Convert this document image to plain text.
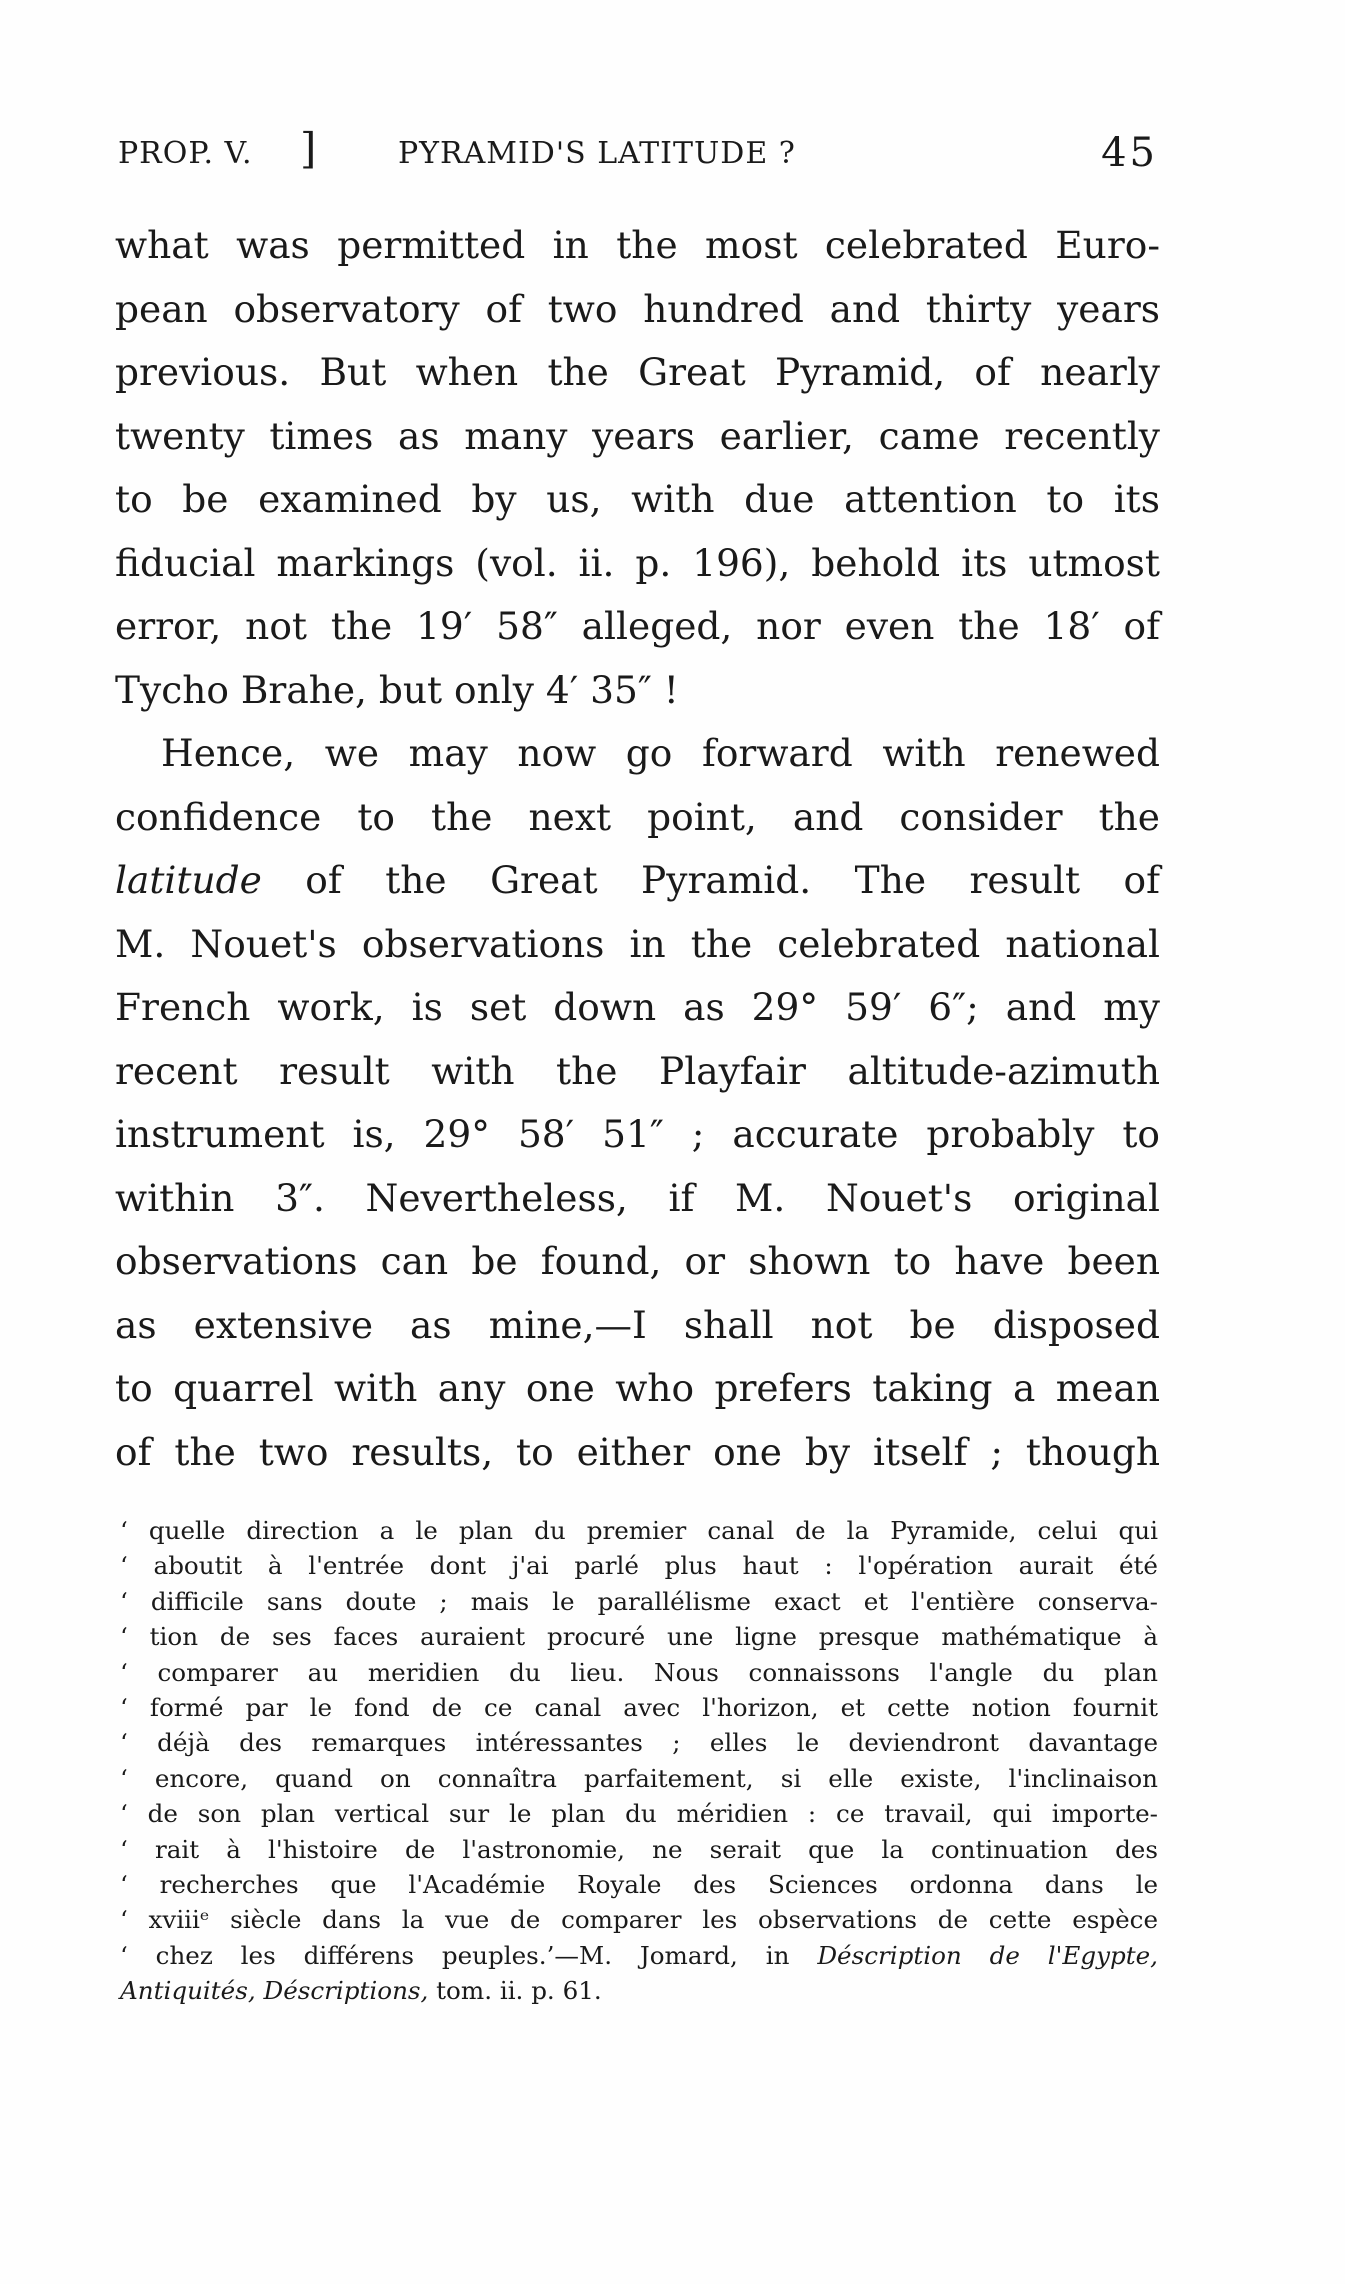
PROP. V. ]	PYRAMID'S LATITUDE ?	45
what was permitted in the most celebrated Euro-
pean observatory of two hundred and thirty years
previous. But when the Great Pyramid, of nearly
twenty times as many years earlier, came recently
to be examined by us, with due attention to its
fiducial markings (vol. ii. p. 196), behold its utmost
error, not the 19′ 58″ alleged, nor even the 18′ of
Tycho Brahe, but only 4′ 35″ !
Hence, we may now go forward with renewed
confidence to the next point, and consider the
latitude of the Great Pyramid. The result of
M. Nouet's observations in the celebrated national
French work, is set down as 29° 59′ 6″; and my
recent result with the Playfair altitude-azimuth
instrument is, 29° 58′ 51″ ; accurate probably to
within 3″. Nevertheless, if M. Nouet's original
observations can be found, or shown to have been
as extensive as mine,—I shall not be disposed
to quarrel with any one who prefers taking a mean
of the two results, to either one by itself ; though
‘ quelle direction a le plan du premier canal de la Pyramide, celui qui
‘ aboutit à l'entrée dont j'ai parlé plus haut : l'opération aurait été
‘ difficile sans doute ; mais le parallélisme exact et l'entière conserva-
‘ tion de ses faces auraient procuré une ligne presque mathématique à
‘ comparer au meridien du lieu. Nous connaissons l'angle du plan
‘ formé par le fond de ce canal avec l'horizon, et cette notion fournit
‘ déjà des remarques intéressantes ; elles le deviendront davantage
‘ encore, quand on connaîtra parfaitement, si elle existe, l'inclinaison
‘ de son plan vertical sur le plan du méridien : ce travail, qui importe-
‘ rait à l'histoire de l'astronomie, ne serait que la continuation des
‘ recherches que l'Académie Royale des Sciences ordonna dans le
‘ xviiiᵉ siècle dans la vue de comparer les observations de cette espèce
‘ chez les différens peuples.’—M. Jomard, in Déscription de l'Egypte,
Antiquités, Déscriptions, tom. ii. p. 61.
